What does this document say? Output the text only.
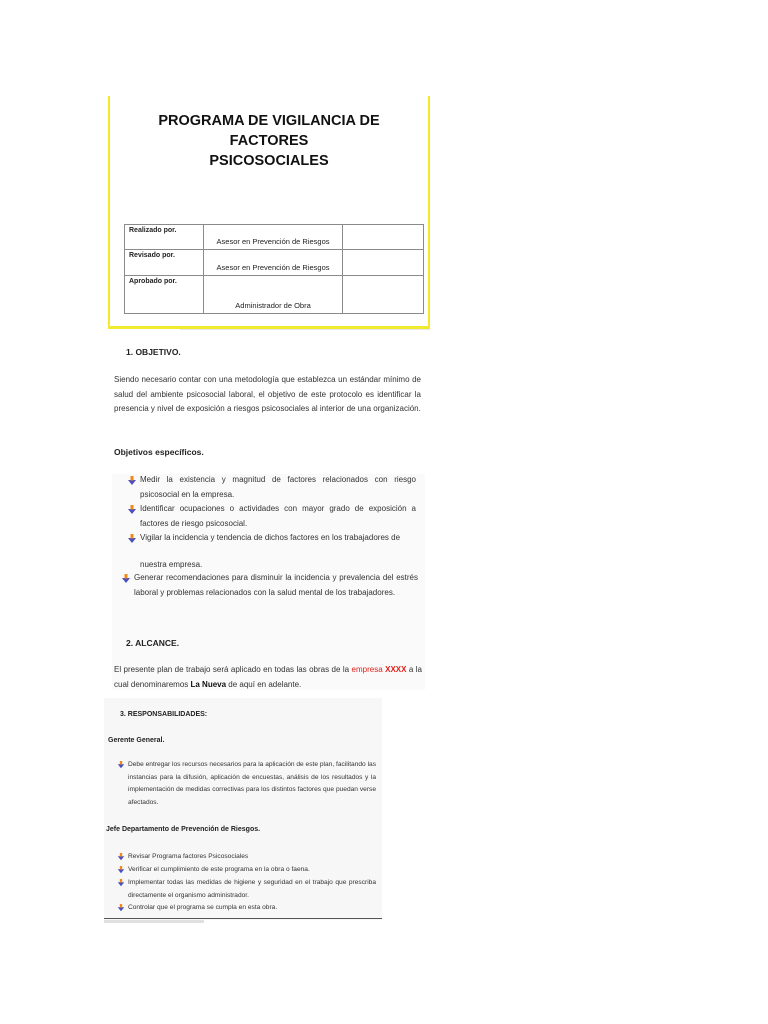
PROGRAMA DE VIGILANCIA DE FACTORES
PSICOSOCIALES
Realizado por.	Asesor en Prevención de Riesgos	
Revisado por.	Asesor en Prevención de Riesgos	
Aprobado por.	Administrador de Obra	
1. OBJETIVO.
Siendo necesario contar con una metodología que establezca un estándar mínimo de salud del ambiente psicosocial laboral, el objetivo de este protocolo es identificar la presencia y nivel de exposición a riesgos psicosociales al interior de una organización.
Objetivos específicos.
Medir la existencia y magnitud de factores relacionados con riesgo psicosocial en la empresa.
Identificar ocupaciones o actividades con mayor grado de exposición a factores de riesgo psicosocial.
Vigilar la incidencia y tendencia de dichos factores en los trabajadores de
nuestra empresa.
Generar recomendaciones para disminuir la incidencia y prevalencia del estrés laboral y problemas relacionados con la salud mental de los trabajadores.
2. ALCANCE.
El presente plan de trabajo será aplicado en todas las obras de la empresa XXXX a la cual denominaremos La Nueva de aquí en adelante.
3. RESPONSABILIDADES:
Gerente General.
Debe entregar los recursos necesarios para la aplicación de este plan, facilitando las instancias para la difusión, aplicación de encuestas, análisis de los resultados y la implementación de medidas correctivas para los distintos factores que puedan verse afectados.
Jefe Departamento de Prevención de Riesgos.
Revisar Programa factores Psicosociales
Verificar el cumplimiento de este programa en la obra o faena.
Implementar todas las medidas de higiene y seguridad en el trabajo que prescriba directamente el organismo administrador.
Controlar que el programa se cumpla en esta obra.
